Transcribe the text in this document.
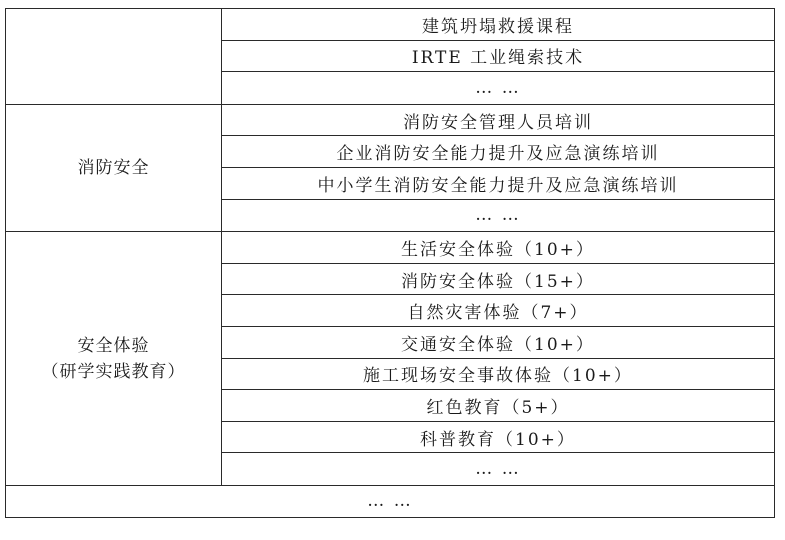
建筑坍塌救援课程
IRTE 工业绳索技术
… …
消防安全
消防安全管理人员培训
企业消防安全能力提升及应急演练培训
中小学生消防安全能力提升及应急演练培训
… …
安全体验
（研学实践教育）
生活安全体验（10+）
消防安全体验（15+）
自然灾害体验（7+）
交通安全体验（10+）
施工现场安全事故体验（10+）
红色教育（5+）
科普教育（10+）
… …
… …
